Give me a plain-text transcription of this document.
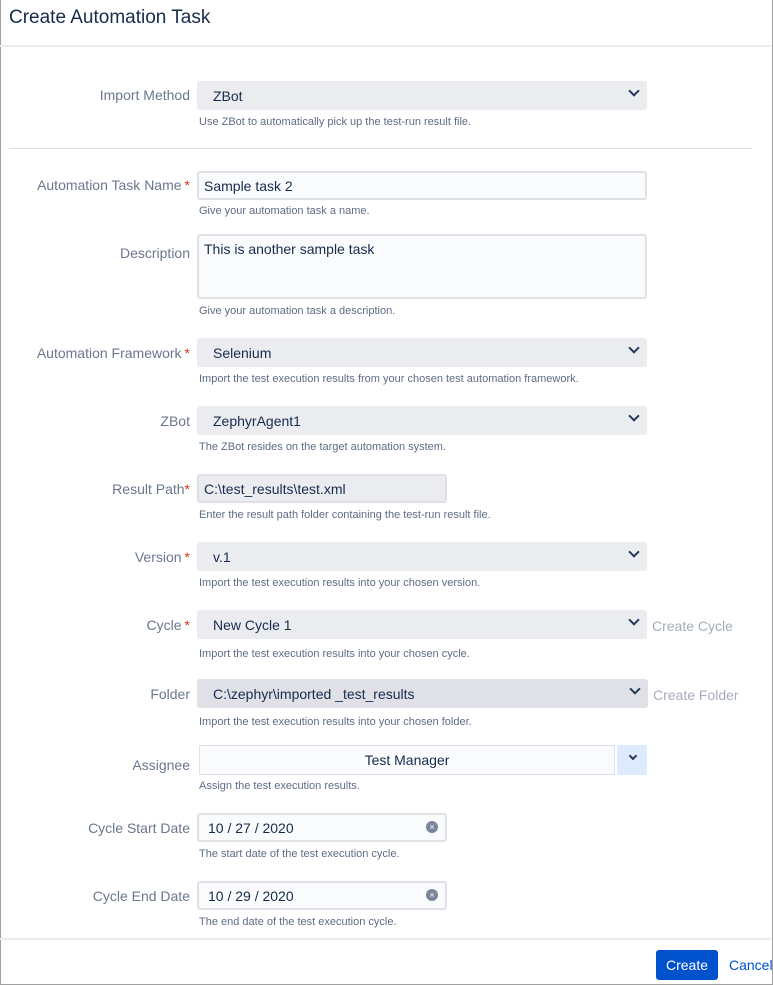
Create Automation Task
Import Method	ZBot
Use ZBot to automatically pick up the test-run result file.
Automation Task Name *	Sample task 2
Give your automation task a name.
Description	This is another sample task
Give your automation task a description.
Automation Framework *	Selenium
Import the test execution results from your chosen test automation framework.
ZBot	ZephyrAgent1
The ZBot resides on the target automation system.
Result Path*	C:\test_results\test.xml
Enter the result path folder containing the test-run result file.
Version *	v.1
Import the test execution results into your chosen version.
Cycle *	New Cycle 1	Create Cycle
Import the test execution results into your chosen cycle.
Folder	C:\zephyr\imported _test_results	Create Folder
Import the test execution results into your chosen folder.
Assignee	Test Manager
Assign the test execution results.
Cycle Start Date	10 / 27 / 2020	×
The start date of the test execution cycle.
Cycle End Date	10 / 29 / 2020	×
The end date of the test execution cycle.
Create	Cancel
